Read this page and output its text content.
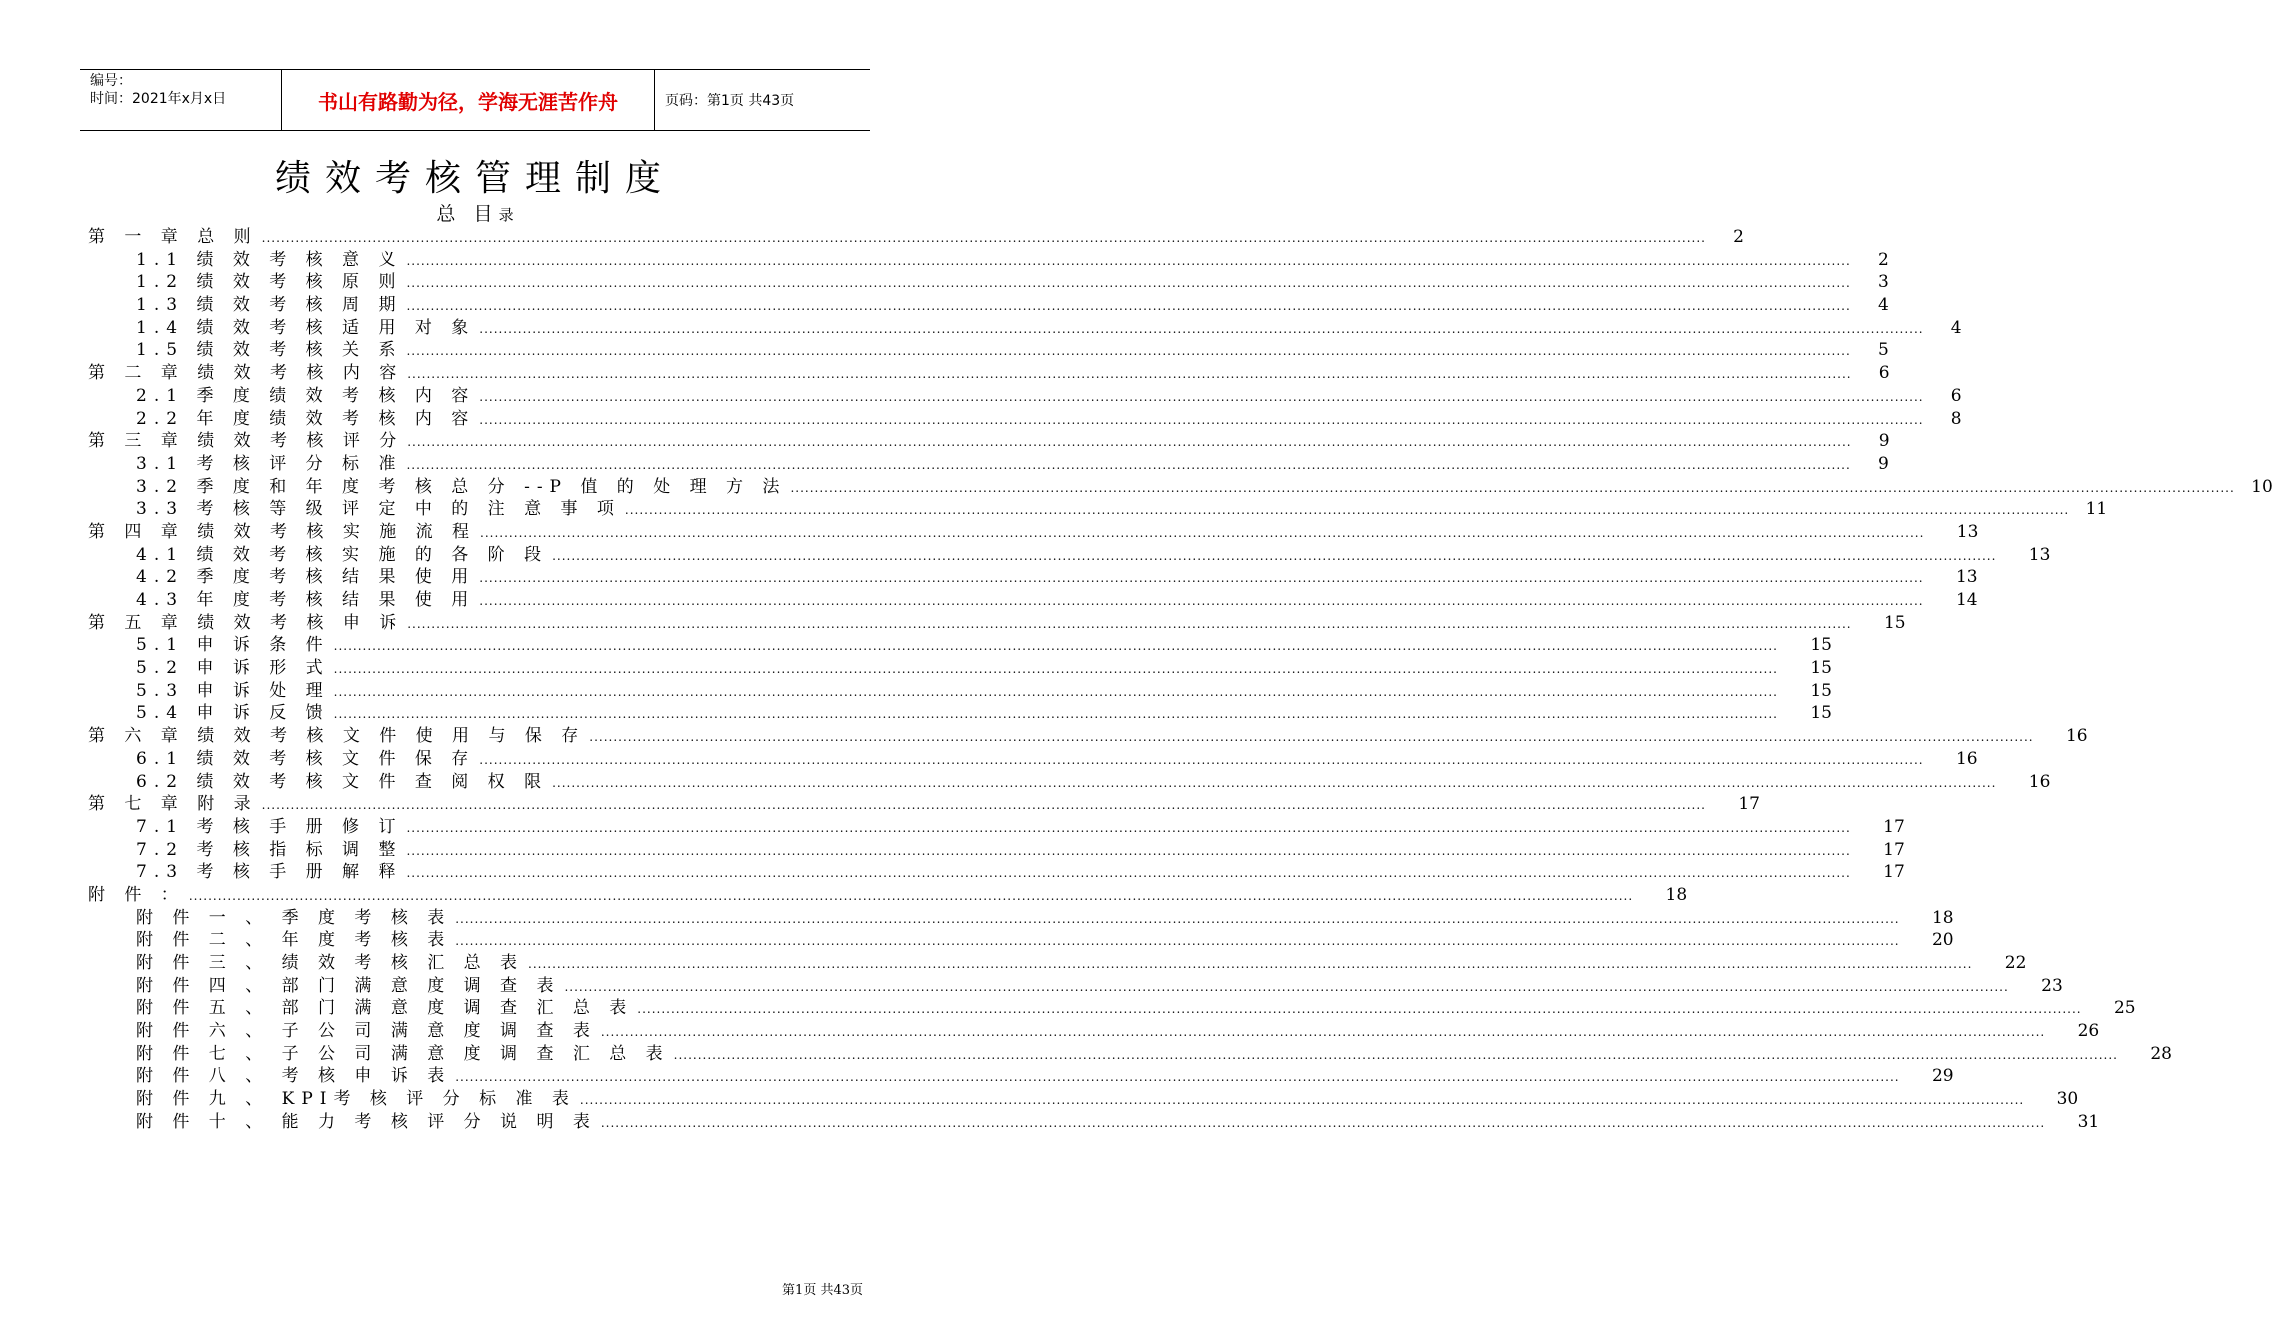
编号：
时间：2021年x月x日	书山有路勤为径，学海无涯苦作舟	页码：第1页 共43页
绩效考核管理制度
总   目 录
第 一 章 总 则 ............................................................................................................................................................................................................................................................................................................	2
1.1 绩 效 考 核 意 义 ............................................................................................................................................................................................................................................................................................................	2
1.2 绩 效 考 核 原 则 ............................................................................................................................................................................................................................................................................................................	3
1.3 绩 效 考 核 周 期 ............................................................................................................................................................................................................................................................................................................	4
1.4 绩 效 考 核 适 用 对 象 ............................................................................................................................................................................................................................................................................................................	4
1.5 绩 效 考 核 关 系 ............................................................................................................................................................................................................................................................................................................	5
第 二 章 绩 效 考 核 内 容 ............................................................................................................................................................................................................................................................................................................	6
2.1 季 度 绩 效 考 核 内 容 ............................................................................................................................................................................................................................................................................................................	6
2.2 年 度 绩 效 考 核 内 容 ............................................................................................................................................................................................................................................................................................................	8
第 三 章 绩 效 考 核 评 分 ............................................................................................................................................................................................................................................................................................................	9
3.1 考 核 评 分 标 准 ............................................................................................................................................................................................................................................................................................................	9
3.2 季 度 和 年 度 考 核 总 分 --P 值 的 处 理 方 法 ............................................................................................................................................................................................................................................................................................................ 10
3.3 考 核 等 级 评 定 中 的 注 意 事 项 ............................................................................................................................................................................................................................................................................................................ 11
第 四 章 绩 效 考 核 实 施 流 程 ............................................................................................................................................................................................................................................................................................................	13
4.1 绩 效 考 核 实 施 的 各 阶 段 ............................................................................................................................................................................................................................................................................................................	13
4.2 季 度 考 核 结 果 使 用 ............................................................................................................................................................................................................................................................................................................	13
4.3 年 度 考 核 结 果 使 用 ............................................................................................................................................................................................................................................................................................................	14
第 五 章 绩 效 考 核 申 诉 ............................................................................................................................................................................................................................................................................................................	15
5.1 申 诉 条 件 ............................................................................................................................................................................................................................................................................................................	15
5.2 申 诉 形 式 ............................................................................................................................................................................................................................................................................................................	15
5.3 申 诉 处 理 ............................................................................................................................................................................................................................................................................................................	15
5.4 申 诉 反 馈 ............................................................................................................................................................................................................................................................................................................	15
第 六 章 绩 效 考 核 文 件 使 用 与 保 存 ............................................................................................................................................................................................................................................................................................................	16
6.1 绩 效 考 核 文 件 保 存 ............................................................................................................................................................................................................................................................................................................	16
6.2 绩 效 考 核 文 件 查 阅 权 限 ............................................................................................................................................................................................................................................................................................................	16
第 七 章 附 录 ............................................................................................................................................................................................................................................................................................................	17
7.1 考 核 手 册 修 订 ............................................................................................................................................................................................................................................................................................................	17
7.2 考 核 指 标 调 整 ............................................................................................................................................................................................................................................................................................................	17
7.3 考 核 手 册 解 释 ............................................................................................................................................................................................................................................................................................................	17
附 件 ： ............................................................................................................................................................................................................................................................................................................	18
附 件 一 、 季 度 考 核 表 ............................................................................................................................................................................................................................................................................................................	18
附 件 二 、 年 度 考 核 表 ............................................................................................................................................................................................................................................................................................................	20
附 件 三 、 绩 效 考 核 汇 总 表 ............................................................................................................................................................................................................................................................................................................	22
附 件 四 、 部 门 满 意 度 调 查 表 ............................................................................................................................................................................................................................................................................................................	23
附 件 五 、 部 门 满 意 度 调 查 汇 总 表 ............................................................................................................................................................................................................................................................................................................	25
附 件 六 、 子 公 司 满 意 度 调 查 表 ............................................................................................................................................................................................................................................................................................................	26
附 件 七 、 子 公 司 满 意 度 调 查 汇 总 表 ............................................................................................................................................................................................................................................................................................................	28
附 件 八 、 考 核 申 诉 表 ............................................................................................................................................................................................................................................................................................................	29
附 件 九 、 KPI考 核 评 分 标 准 表 ............................................................................................................................................................................................................................................................................................................	30
附 件 十 、 能 力 考 核 评 分 说 明 表 ............................................................................................................................................................................................................................................................................................................	31
第1页 共43页
